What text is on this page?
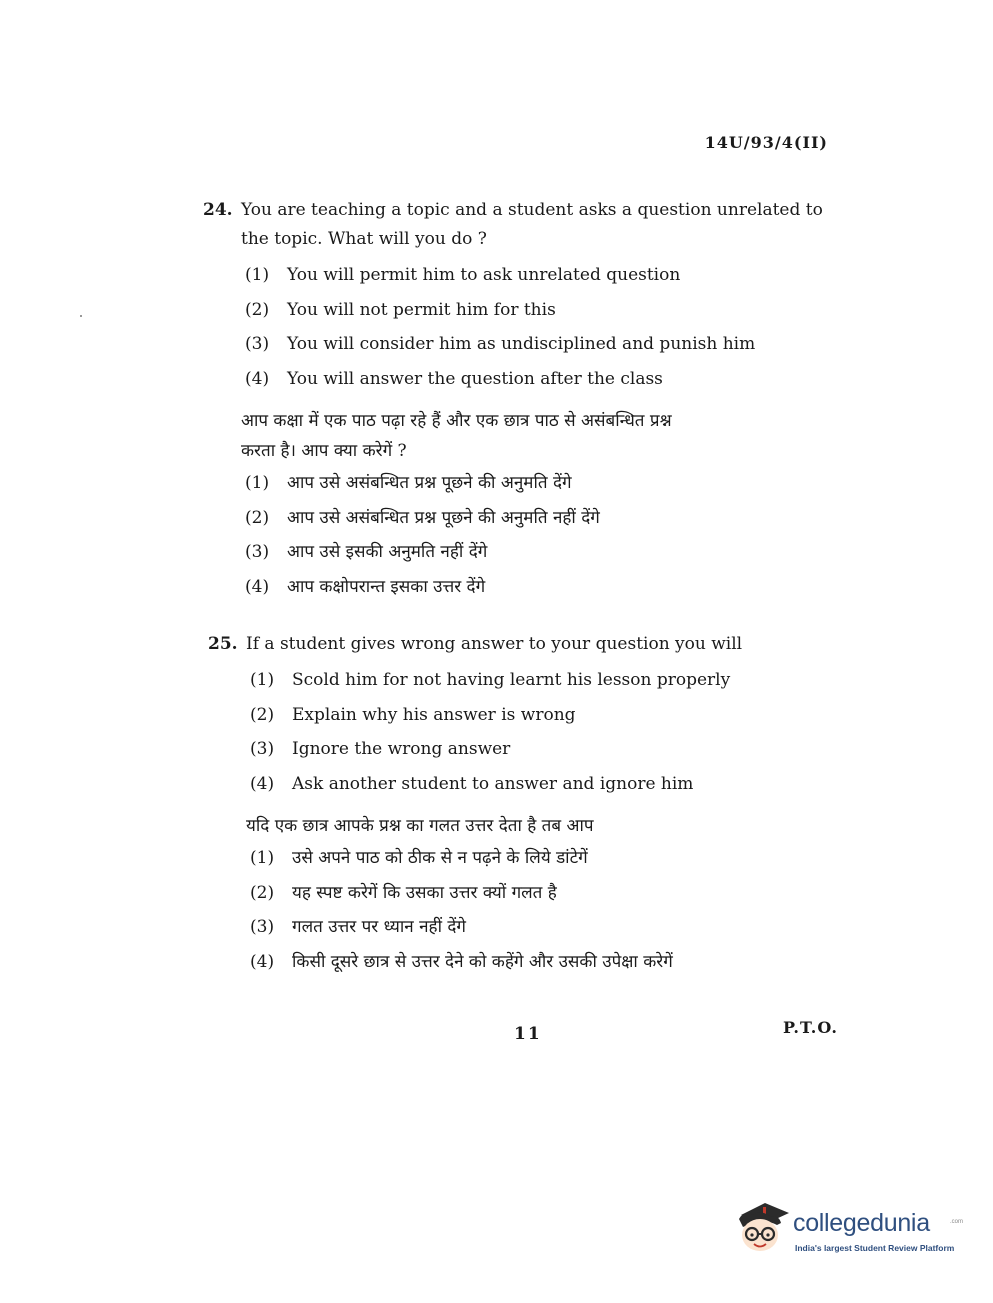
14U/93/4(II)
24. You are teaching a topic and a student asks a question unrelated to
the topic. What will you do ?
(1) You will permit him to ask unrelated question
(2) You will not permit him for this
(3) You will consider him as undisciplined and punish him
(4) You will answer the question after the class
आप कक्षा में एक पाठ पढ़ा रहे हैं और एक छात्र पाठ से असंबन्धित प्रश्न
करता है। आप क्या करेगें ?
(1) आप उसे असंबन्धित प्रश्न पूछने की अनुमति देंगे
(2) आप उसे असंबन्धित प्रश्न पूछने की अनुमति नहीं देंगे
(3) आप उसे इसकी अनुमति नहीं देंगे
(4) आप कक्षोपरान्त इसका उत्तर देंगे
25. If a student gives wrong answer to your question you will
(1) Scold him for not having learnt his lesson properly
(2) Explain why his answer is wrong
(3) Ignore the wrong answer
(4) Ask another student to answer and ignore him
यदि एक छात्र आपके प्रश्न का गलत उत्तर देता है तब आप
(1) उसे अपने पाठ को ठीक से न पढ़ने के लिये डांटेगें
(2) यह स्पष्ट करेगें कि उसका उत्तर क्यों गलत है
(3) गलत उत्तर पर ध्यान नहीं देंगे
(4) किसी दूसरे छात्र से उत्तर देने को कहेंगे और उसकी उपेक्षा करेगें
11	P.T.O.
collegedunia	.com
India's largest Student Review Platform
